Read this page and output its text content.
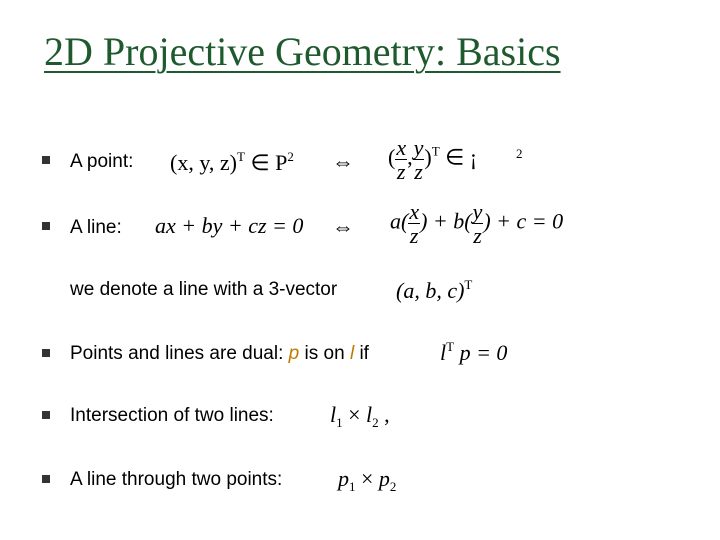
2D Projective Geometry: Basics
A point: (x, y, z)$^T$ ∈ $P^2$ ⇔ ( $\frac{x}{z}$ , $\frac{y}{z} )^T$ ∈ ¡	2
A line: ax + by + cz = 0 ⇔ $a( \frac{x}{z}$ ) + $b( \frac{y}{z}$ ) + c = 0
we denote a line with a 3-vector	(a, b, c)$^T$
Points and lines are dual: p is on l if	$l^T$ p = 0
Intersection of two lines:	$l_1 \times l_2$ ,
A line through two points:	$p_1 \times p_2$
